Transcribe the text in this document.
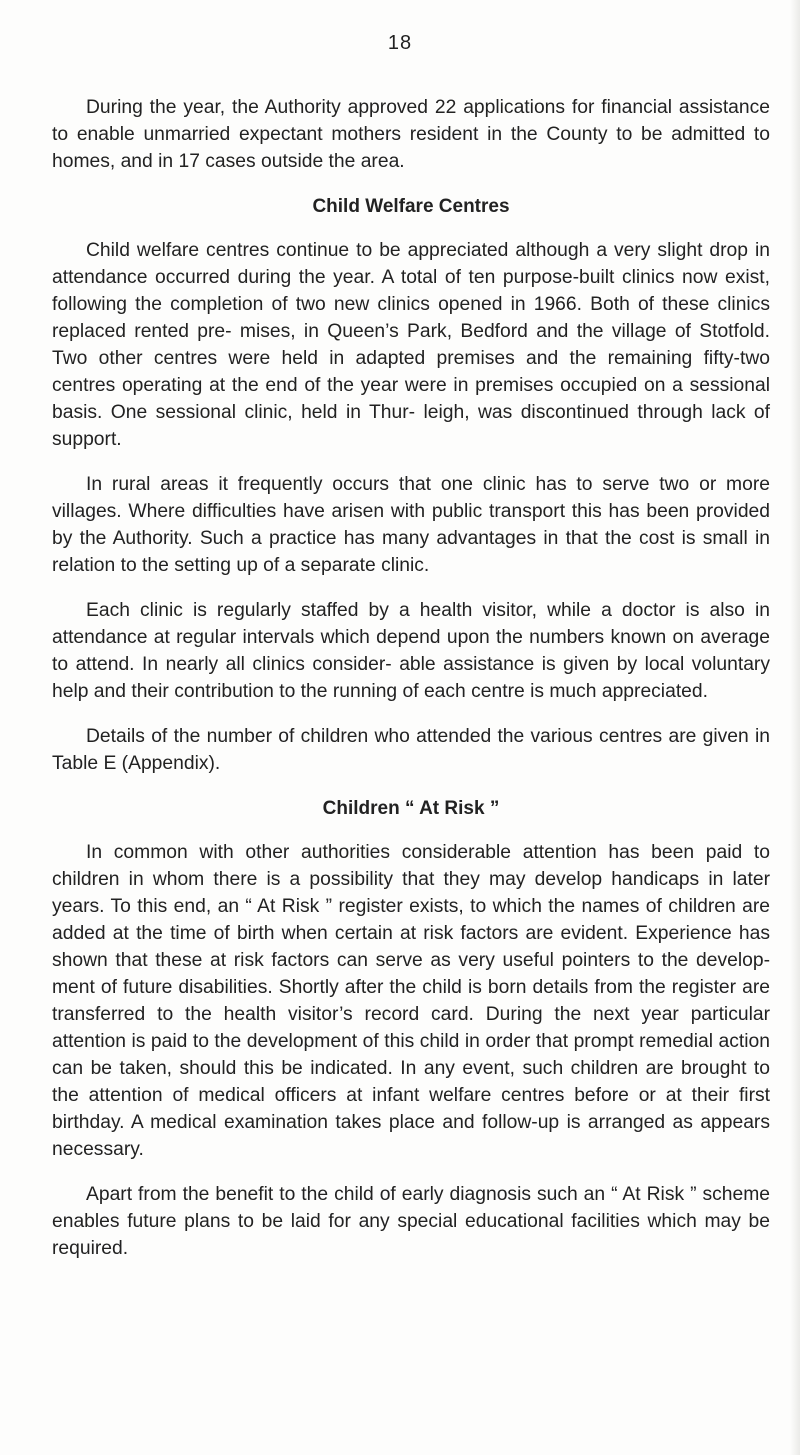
18

During the year, the Authority approved 22 applications for financial assistance to enable unmarried expectant mothers resident in the County to be admitted to homes, and in 17 cases outside the area.

Child Welfare Centres

Child welfare centres continue to be appreciated although a very slight drop in attendance occurred during the year. A total of ten purpose-built clinics now exist, following the completion of two new clinics opened in 1966. Both of these clinics replaced rented pre- mises, in Queen’s Park, Bedford and the village of Stotfold. Two other centres were held in adapted premises and the remaining fifty-two centres operating at the end of the year were in premises occupied on a sessional basis. One sessional clinic, held in Thur- leigh, was discontinued through lack of support.

In rural areas it frequently occurs that one clinic has to serve two or more villages. Where difficulties have arisen with public transport this has been provided by the Authority. Such a practice has many advantages in that the cost is small in relation to the setting up of a separate clinic.

Each clinic is regularly staffed by a health visitor, while a doctor is also in attendance at regular intervals which depend upon the numbers known on average to attend. In nearly all clinics consider- able assistance is given by local voluntary help and their contribution to the running of each centre is much appreciated.

Details of the number of children who attended the various centres are given in Table E (Appendix).

Children “ At Risk ”

In common with other authorities considerable attention has been paid to children in whom there is a possibility that they may develop handicaps in later years. To this end, an “ At Risk ” register exists, to which the names of children are added at the time of birth when certain at risk factors are evident. Experience has shown that these at risk factors can serve as very useful pointers to the develop- ment of future disabilities. Shortly after the child is born details from the register are transferred to the health visitor’s record card. During the next year particular attention is paid to the development of this child in order that prompt remedial action can be taken, should this be indicated. In any event, such children are brought to the attention of medical officers at infant welfare centres before or at their first birthday. A medical examination takes place and follow-up is arranged as appears necessary.

Apart from the benefit to the child of early diagnosis such an “ At Risk ” scheme enables future plans to be laid for any special educational facilities which may be required.
